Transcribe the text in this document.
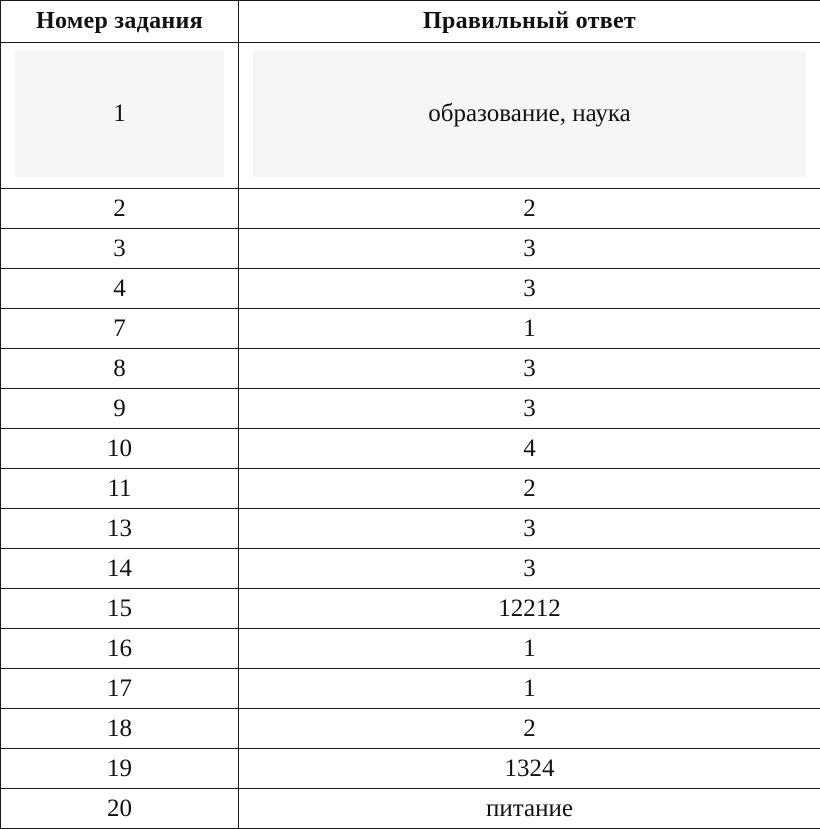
Номер задания	Правильный ответ

1	образование, наука

2	2
3	3
4	3
7	1
8	3
9	3
10	4
11	2
13	3
14	3
15	12212
16	1
17	1
18	2
19	1324
20	питание
